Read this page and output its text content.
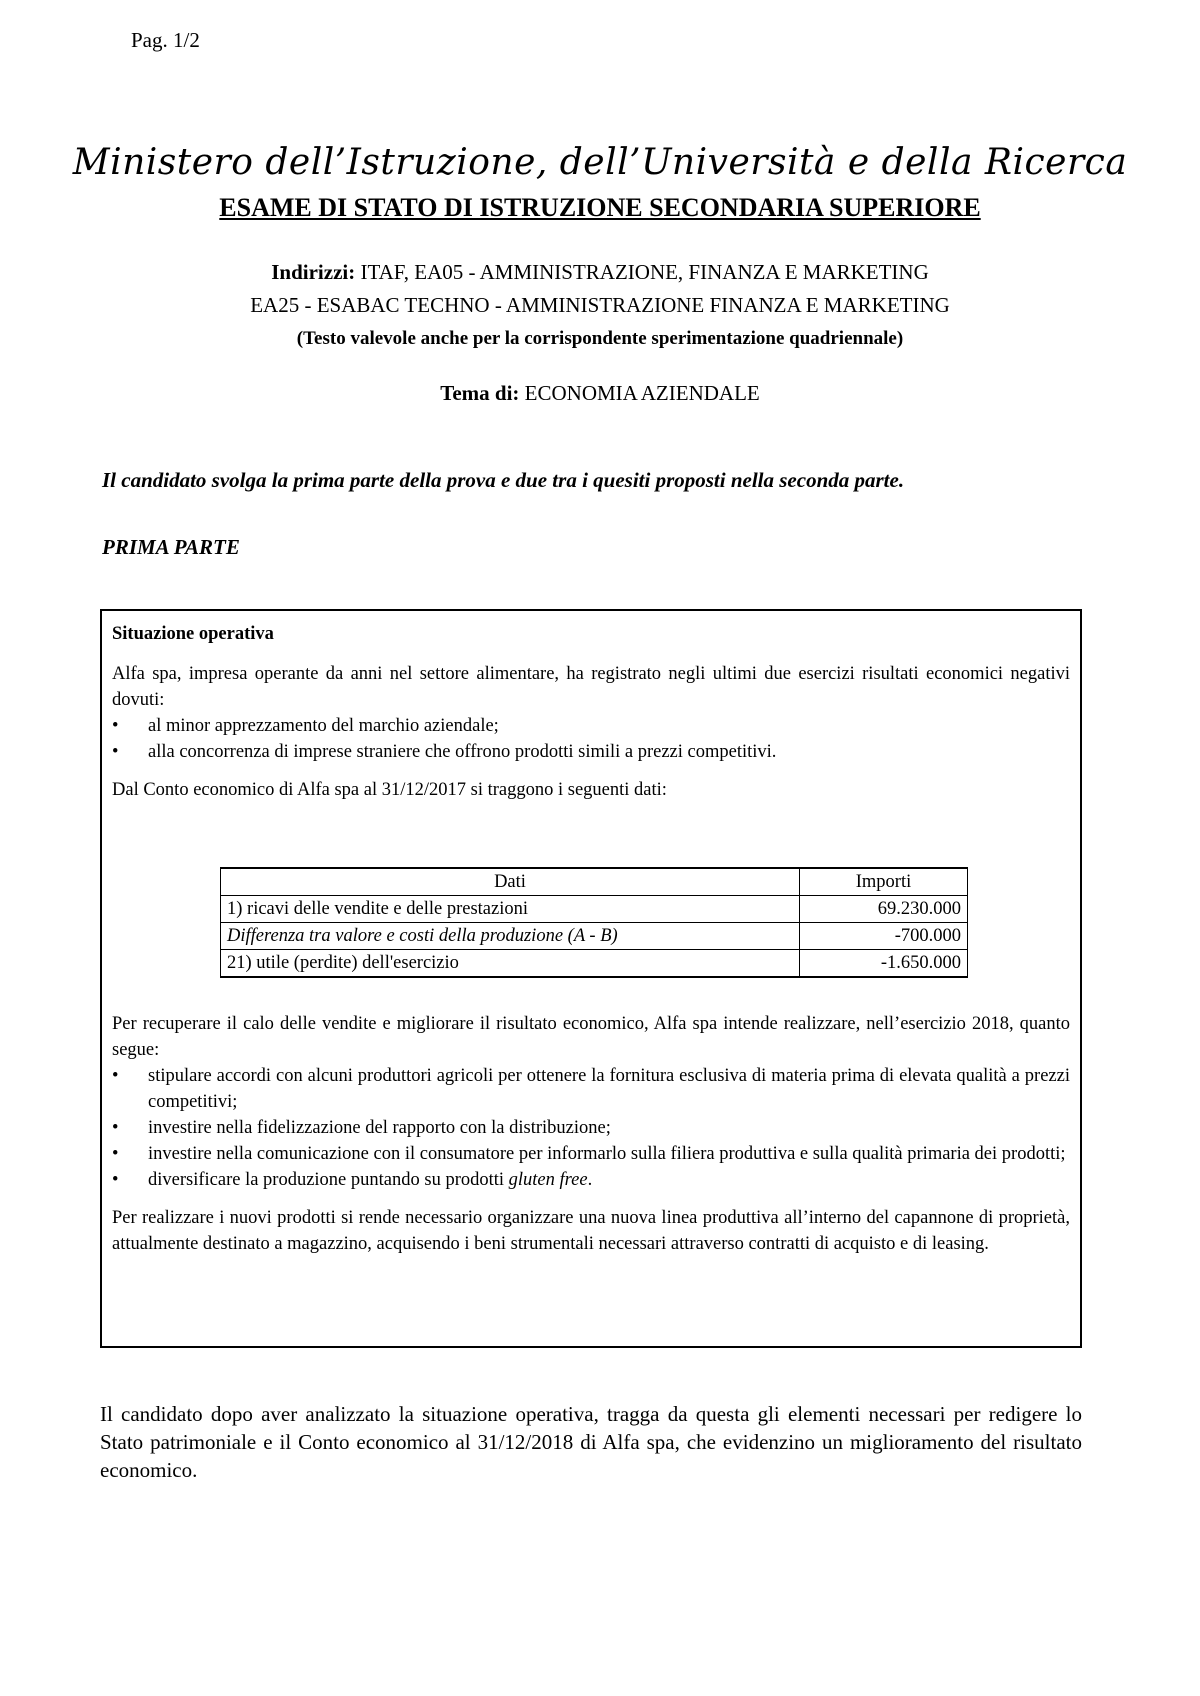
Pag. 1/2
Ministero dell’Istruzione, dell’Università e della Ricerca
ESAME DI STATO DI ISTRUZIONE SECONDARIA SUPERIORE
Indirizzi: ITAF, EA05 - AMMINISTRAZIONE, FINANZA E MARKETING
EA25 - ESABAC TECHNO - AMMINISTRAZIONE FINANZA E MARKETING
(Testo valevole anche per la corrispondente sperimentazione quadriennale)
Tema di: ECONOMIA AZIENDALE
Il candidato svolga la prima parte della prova e due tra i quesiti proposti nella seconda parte.
PRIMA PARTE

Situazione operativa

Alfa spa, impresa operante da anni nel settore alimentare, ha registrato negli ultimi due esercizi risultati economici negativi dovuti:

• al minor apprezzamento del marchio aziendale;
• alla concorrenza di imprese straniere che offrono prodotti simili a prezzi competitivi.

Dal Conto economico di Alfa spa al 31/12/2017 si traggono i seguenti dati:

Dati	Importi
1) ricavi delle vendite e delle prestazioni	69.230.000
Differenza tra valore e costi della produzione (A - B)	-700.000
21) utile (perdite) dell'esercizio	-1.650.000

Per recuperare il calo delle vendite e migliorare il risultato economico, Alfa spa intende realizzare, nell’esercizio 2018, quanto segue:

• stipulare accordi con alcuni produttori agricoli per ottenere la fornitura esclusiva di materia prima di elevata qualità a prezzi competitivi;
• investire nella fidelizzazione del rapporto con la distribuzione;
• investire nella comunicazione con il consumatore per informarlo sulla filiera produttiva e sulla qualità primaria dei prodotti;
• diversificare la produzione puntando su prodotti gluten free.

Per realizzare i nuovi prodotti si rende necessario organizzare una nuova linea produttiva all’interno del capannone di proprietà, attualmente destinato a magazzino, acquisendo i beni strumentali necessari attraverso contratti di acquisto e di leasing.

Il candidato dopo aver analizzato la situazione operativa, tragga da questa gli elementi necessari per redigere lo Stato patrimoniale e il Conto economico al 31/12/2018 di Alfa spa, che evidenzino un miglioramento del risultato economico.
